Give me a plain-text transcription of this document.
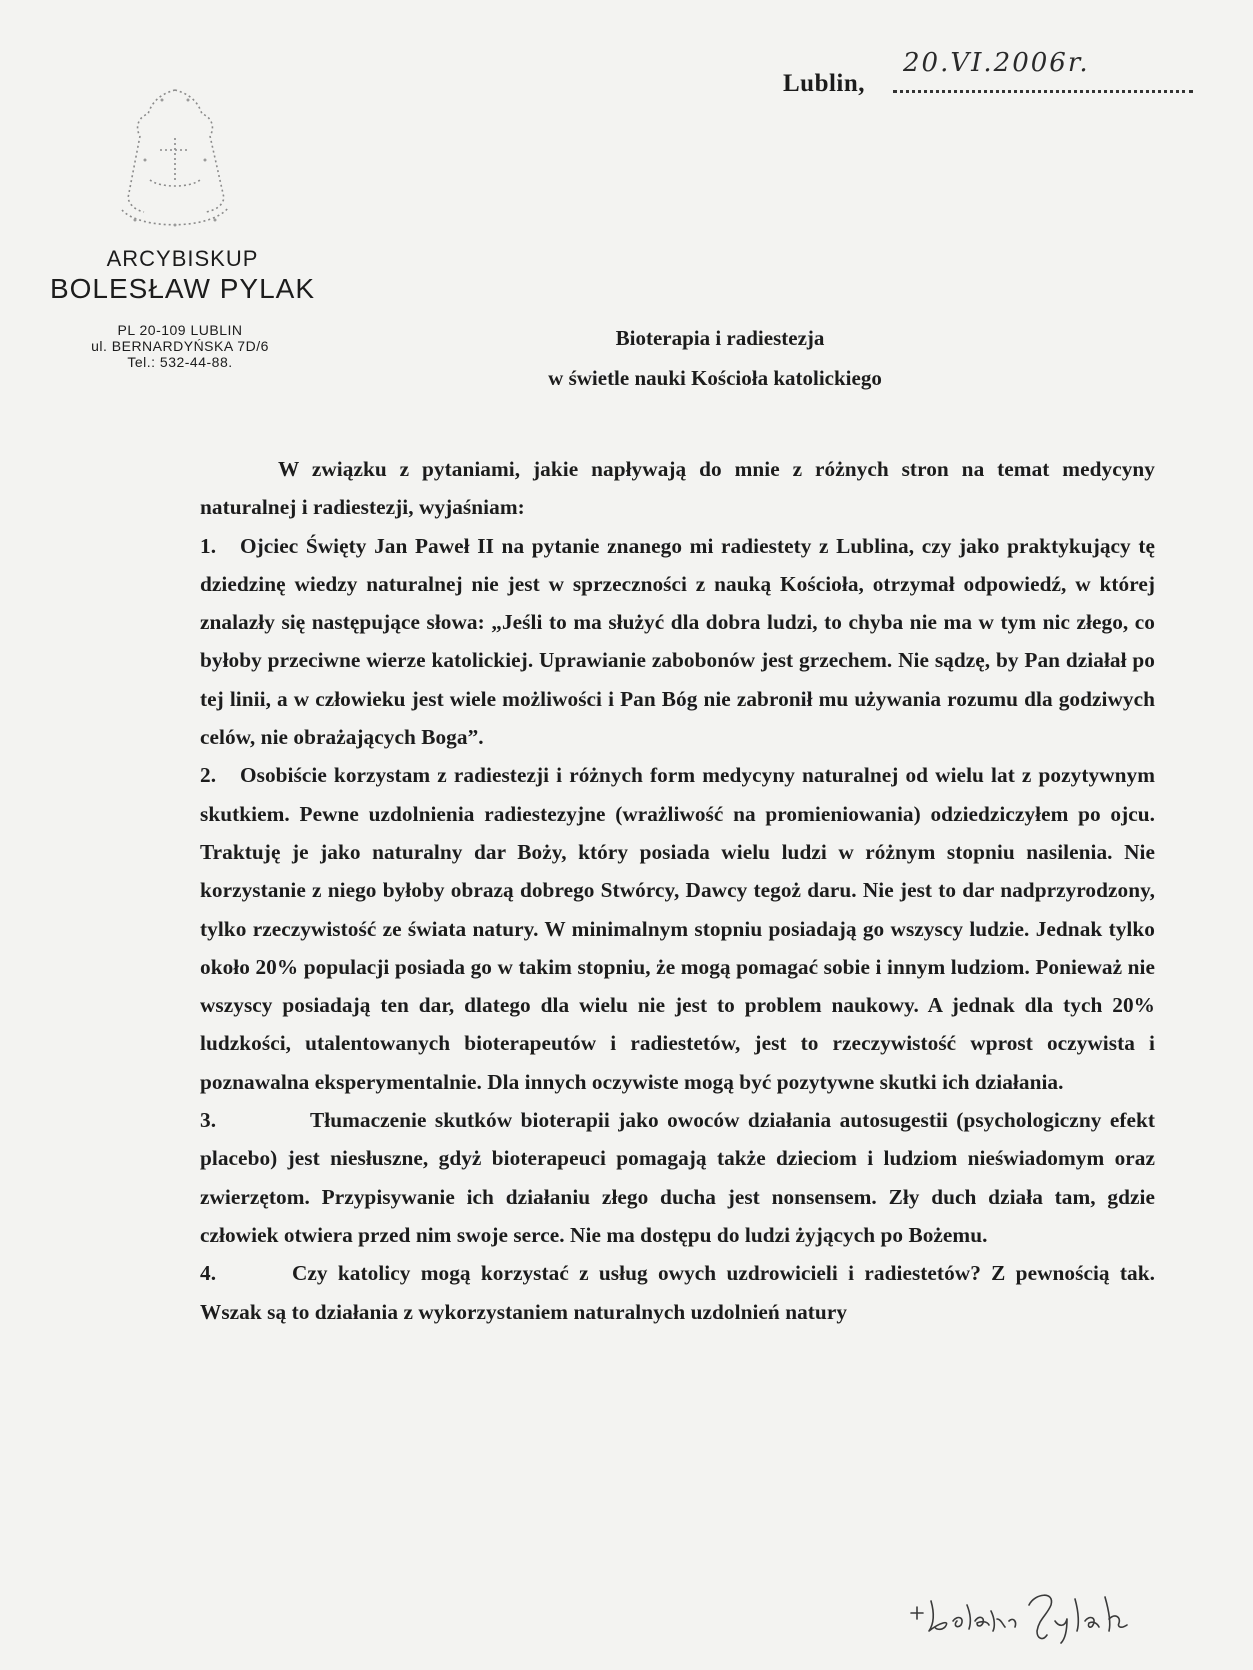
Lublin,
20.VI.2006r.
ARCYBISKUP
BOLESŁAW PYLAK
PL 20-109 LUBLIN
ul. BERNARDYŃSKA 7D/6
Tel.: 532-44-88.
Bioterapia i radiestezja
w świetle nauki Kościoła katolickiego

W związku z pytaniami, jakie napływają do mnie z różnych stron na temat medycyny naturalnej i radiestezji, wyjaśniam:

1. Ojciec Święty Jan Paweł II na pytanie znanego mi radiestety z Lublina, czy jako praktykujący tę dziedzinę wiedzy naturalnej nie jest w sprzeczności z nauką Kościoła, otrzymał odpowiedź, w której znalazły się następujące słowa: „Jeśli to ma służyć dla dobra ludzi, to chyba nie ma w tym nic złego, co byłoby przeciwne wierze katolickiej. Uprawianie zabobonów jest grzechem. Nie sądzę, by Pan działał po tej linii, a w człowieku jest wiele możliwości i Pan Bóg nie zabronił mu używania rozumu dla godziwych celów, nie obrażających Boga”.

2. Osobiście korzystam z radiestezji i różnych form medycyny naturalnej od wielu lat z pozytywnym skutkiem. Pewne uzdolnienia radiestezyjne (wrażliwość na promieniowania) odziedziczyłem po ojcu. Traktuję je jako naturalny dar Boży, który posiada wielu ludzi w różnym stopniu nasilenia. Nie korzystanie z niego byłoby obrazą dobrego Stwórcy, Dawcy tegoż daru. Nie jest to dar nadprzyrodzony, tylko rzeczywistość ze świata natury. W minimalnym stopniu posiadają go wszyscy ludzie. Jednak tylko około 20% populacji posiada go w takim stopniu, że mogą pomagać sobie i innym ludziom. Ponieważ nie wszyscy posiadają ten dar, dlatego dla wielu nie jest to problem naukowy. A jednak dla tych 20% ludzkości, utalentowanych bioterapeutów i radiestetów, jest to rzeczywistość wprost oczywista i poznawalna eksperymentalnie. Dla innych oczywiste mogą być pozytywne skutki ich działania.

3.	Tłumaczenie skutków bioterapii jako owoców działania autosugestii (psychologiczny efekt placebo) jest niesłuszne, gdyż bioterapeuci pomagają także dzieciom i ludziom nieświadomym oraz zwierzętom. Przypisywanie ich działaniu złego ducha jest nonsensem. Zły duch działa tam, gdzie człowiek otwiera przed nim swoje serce. Nie ma dostępu do ludzi żyjących po Bożemu.

4.	Czy katolicy mogą korzystać z usług owych uzdrowicieli i radiestetów? Z pewnością tak. Wszak są to działania z wykorzystaniem naturalnych uzdolnień natury
